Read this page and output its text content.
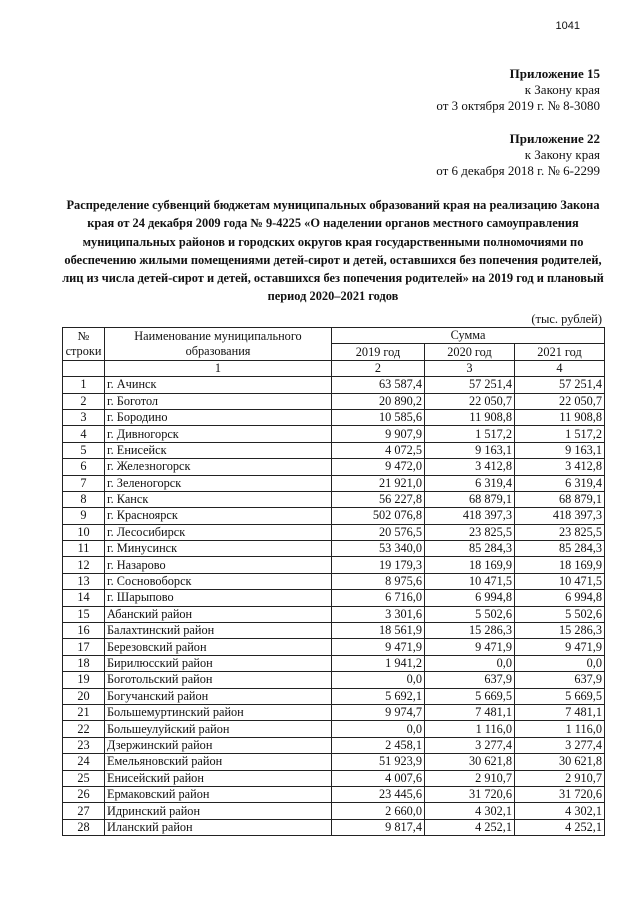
1041
Приложение 15
к Закону края
от 3 октября 2019 г. № 8-3080
Приложение 22
к Закону края
от 6 декабря 2018 г. № 6-2299
Распределение субвенций бюджетам муниципальных образований края на реализацию Закона края от 24 декабря 2009 года № 9-4225 «О наделении органов местного самоуправления муниципальных районов и городских округов края государственными полномочиями по обеспечению жилыми помещениями детей-сирот и детей, оставшихся без попечения родителей, лиц из числа детей-сирот и детей, оставшихся без попечения родителей» на 2019 год и плановый период 2020–2021 годов
(тыс. рублей)
№ строки	Наименование муниципального образования	Сумма		
		2019 год	2020 год	2021 год
	1	2	3	4
1	г. Ачинск	63 587,4	57 251,4	57 251,4
2	г. Боготол	20 890,2	22 050,7	22 050,7
3	г. Бородино	10 585,6	11 908,8	11 908,8
4	г. Дивногорск	9 907,9	1 517,2	1 517,2
5	г. Енисейск	4 072,5	9 163,1	9 163,1
6	г. Железногорск	9 472,0	3 412,8	3 412,8
7	г. Зеленогорск	21 921,0	6 319,4	6 319,4
8	г. Канск	56 227,8	68 879,1	68 879,1
9	г. Красноярск	502 076,8	418 397,3	418 397,3
10	г. Лесосибирск	20 576,5	23 825,5	23 825,5
11	г. Минусинск	53 340,0	85 284,3	85 284,3
12	г. Назарово	19 179,3	18 169,9	18 169,9
13	г. Сосновоборск	8 975,6	10 471,5	10 471,5
14	г. Шарыпово	6 716,0	6 994,8	6 994,8
15	Абанский район	3 301,6	5 502,6	5 502,6
16	Балахтинский район	18 561,9	15 286,3	15 286,3
17	Березовский район	9 471,9	9 471,9	9 471,9
18	Бирилюсский район	1 941,2	0,0	0,0
19	Боготольский район	0,0	637,9	637,9
20	Богучанский район	5 692,1	5 669,5	5 669,5
21	Большемуртинский район	9 974,7	7 481,1	7 481,1
22	Большеулуйский район	0,0	1 116,0	1 116,0
23	Дзержинский район	2 458,1	3 277,4	3 277,4
24	Емельяновский район	51 923,9	30 621,8	30 621,8
25	Енисейский район	4 007,6	2 910,7	2 910,7
26	Ермаковский район	23 445,6	31 720,6	31 720,6
27	Идринский район	2 660,0	4 302,1	4 302,1
28	Иланский район	9 817,4	4 252,1	4 252,1
